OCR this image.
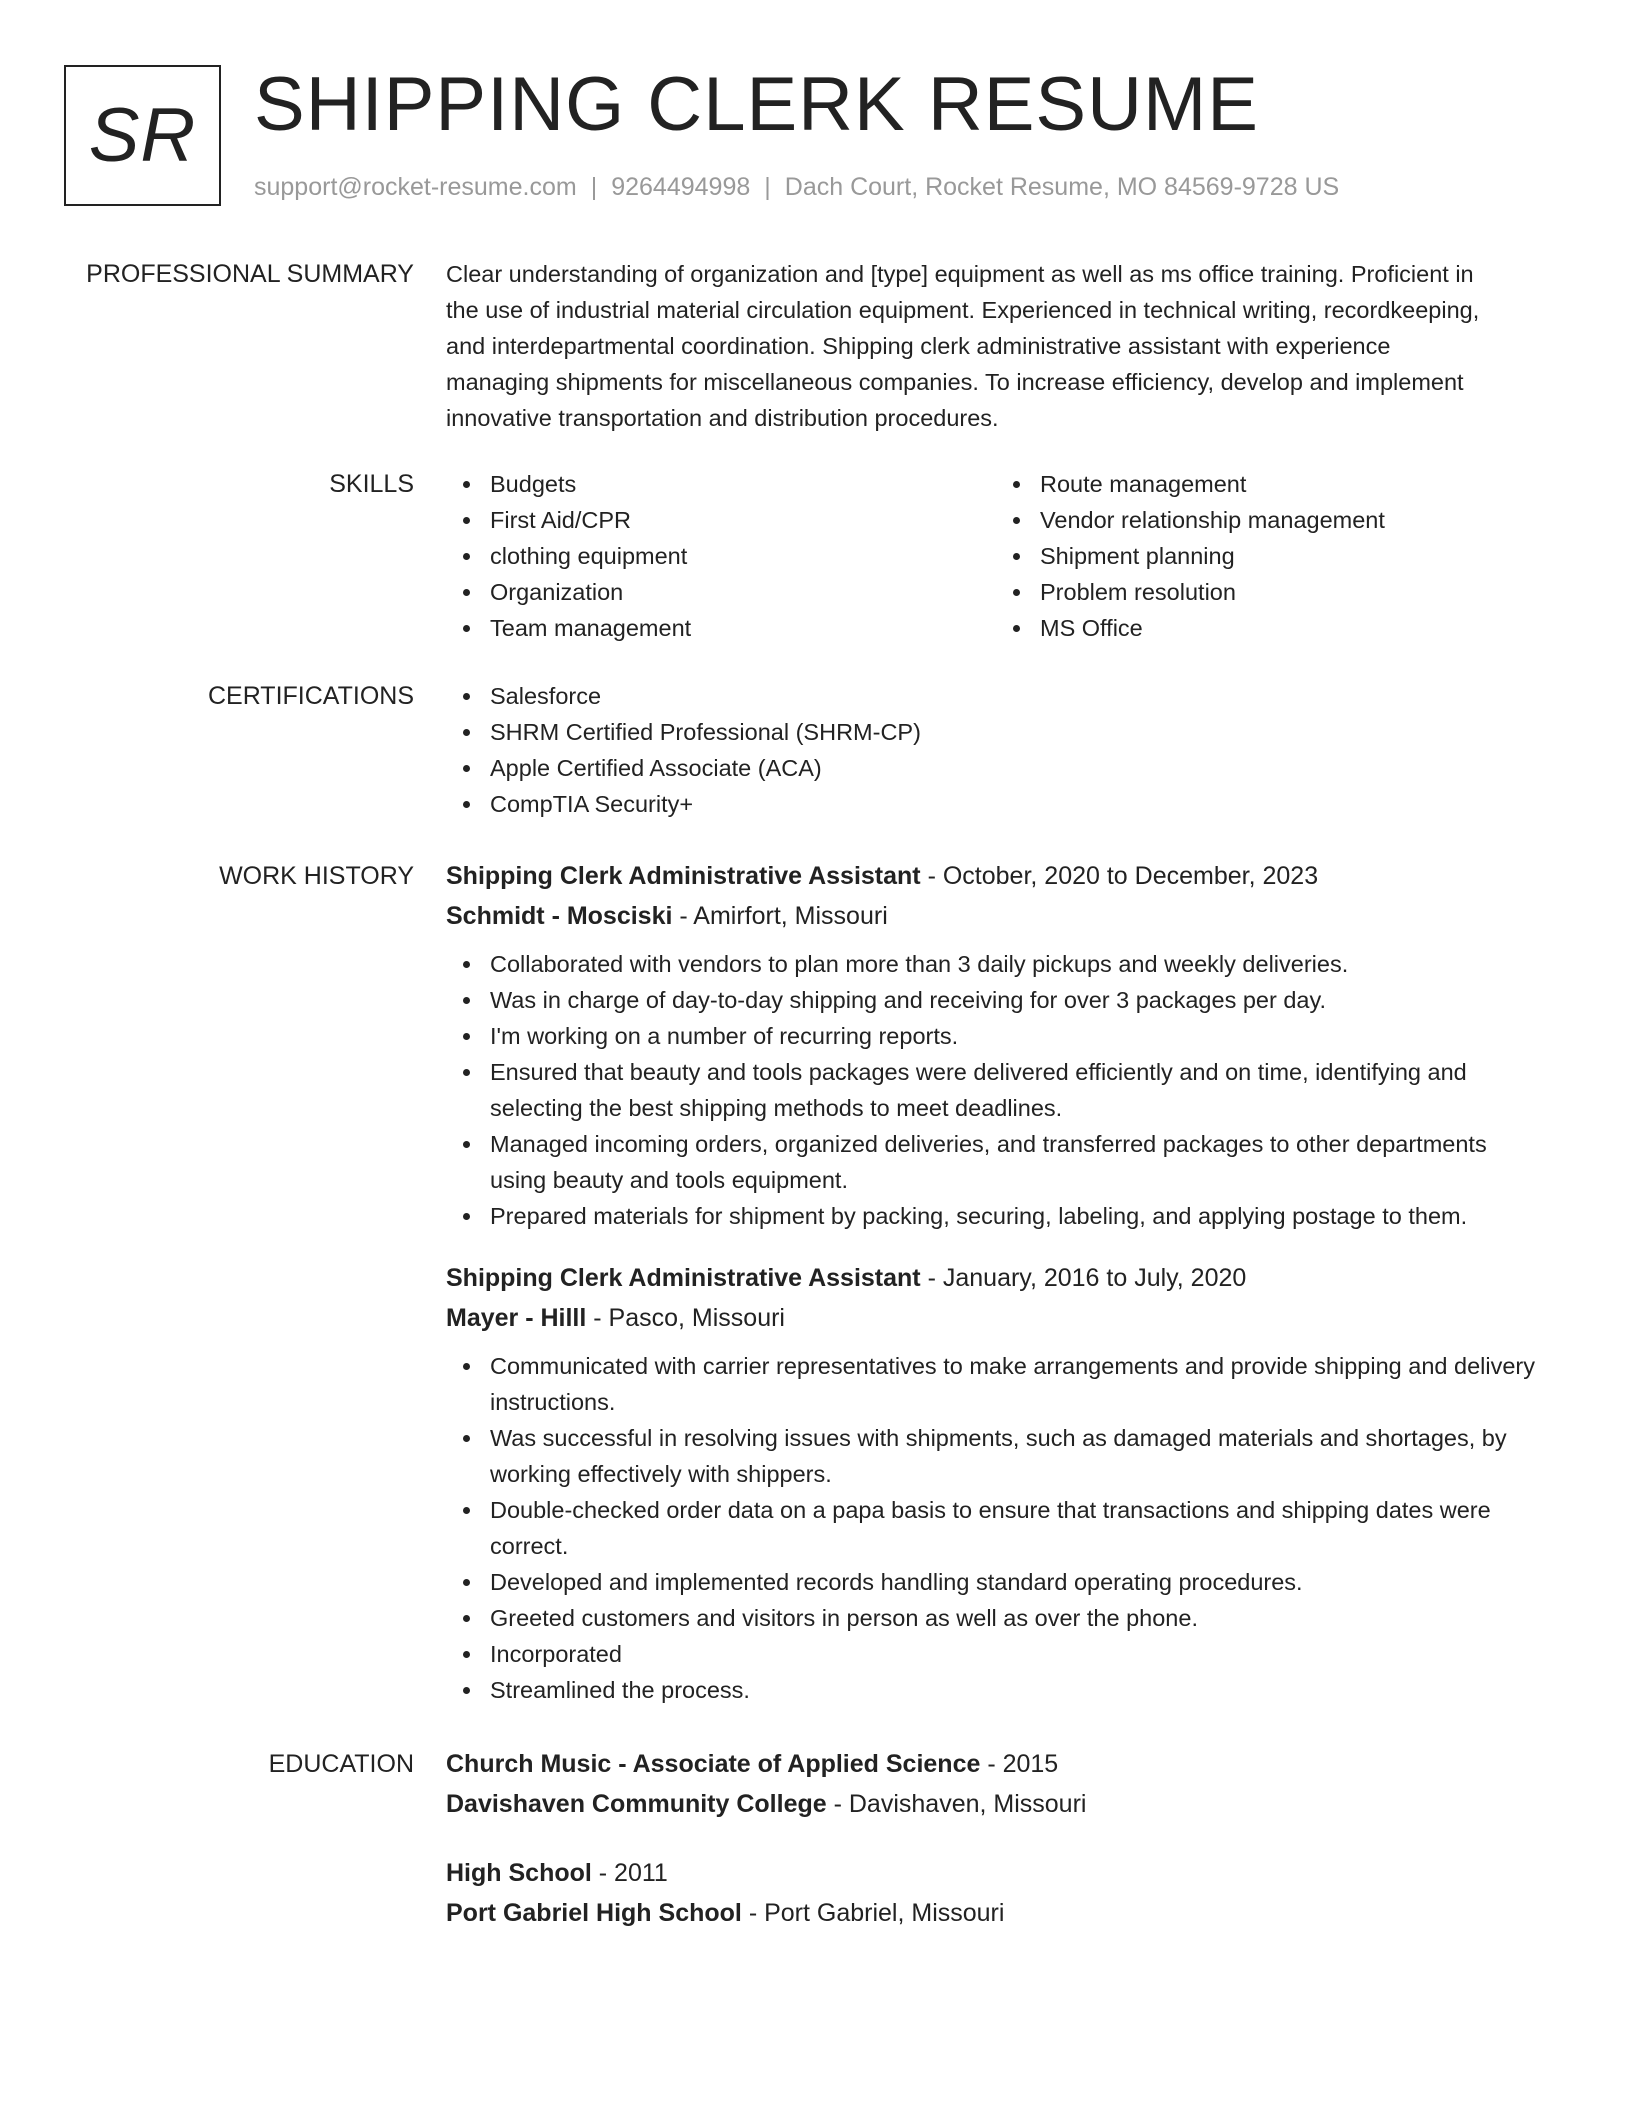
SR SHIPPING CLERK RESUME
support@rocket-resume.com | 9264494998 | Dach Court, Rocket Resume, MO 84569-9728 US
PROFESSIONAL SUMMARY Clear understanding of organization and [type] equipment as well as ms office training. Proficient in
the use of industrial material circulation equipment. Experienced in technical writing, recordkeeping,
and interdepartmental coordination. Shipping clerk administrative assistant with experience
managing shipments for miscellaneous companies. To increase efficiency, develop and implement
innovative transportation and distribution procedures.

SKILLS	Budgets
First Aid/CPR
clothing equipment
Organization
Team management
Route management
Vendor relationship management
Shipment planning
Problem resolution
MS Office
CERTIFICATIONS	Salesforce
SHRM Certified Professional (SHRM-CP)
Apple Certified Associate (ACA)
CompTIA Security+
WORK HISTORY Shipping Clerk Administrative Assistant - October, 2020 to December, 2023
Schmidt - Mosciski - Amirfort, Missouri
Collaborated with vendors to plan more than 3 daily pickups and weekly deliveries.
Was in charge of day-to-day shipping and receiving for over 3 packages per day.
I'm working on a number of recurring reports.
Ensured that beauty and tools packages were delivered efficiently and on time, identifying and selecting the best shipping methods to meet deadlines.
Managed incoming orders, organized deliveries, and transferred packages to other departments using beauty and tools equipment.
Prepared materials for shipment by packing, securing, labeling, and applying postage to them.
Shipping Clerk Administrative Assistant - January, 2016 to July, 2020
Mayer - Hilll - Pasco, Missouri
Communicated with carrier representatives to make arrangements and provide shipping and delivery instructions.
Was successful in resolving issues with shipments, such as damaged materials and shortages, by working effectively with shippers.
Double-checked order data on a papa basis to ensure that transactions and shipping dates were correct.
Developed and implemented records handling standard operating procedures.
Greeted customers and visitors in person as well as over the phone.
Incorporated
Streamlined the process.
EDUCATION Church Music - Associate of Applied Science - 2015
Davishaven Community College - Davishaven, Missouri
High School - 2011
Port Gabriel High School - Port Gabriel, Missouri
